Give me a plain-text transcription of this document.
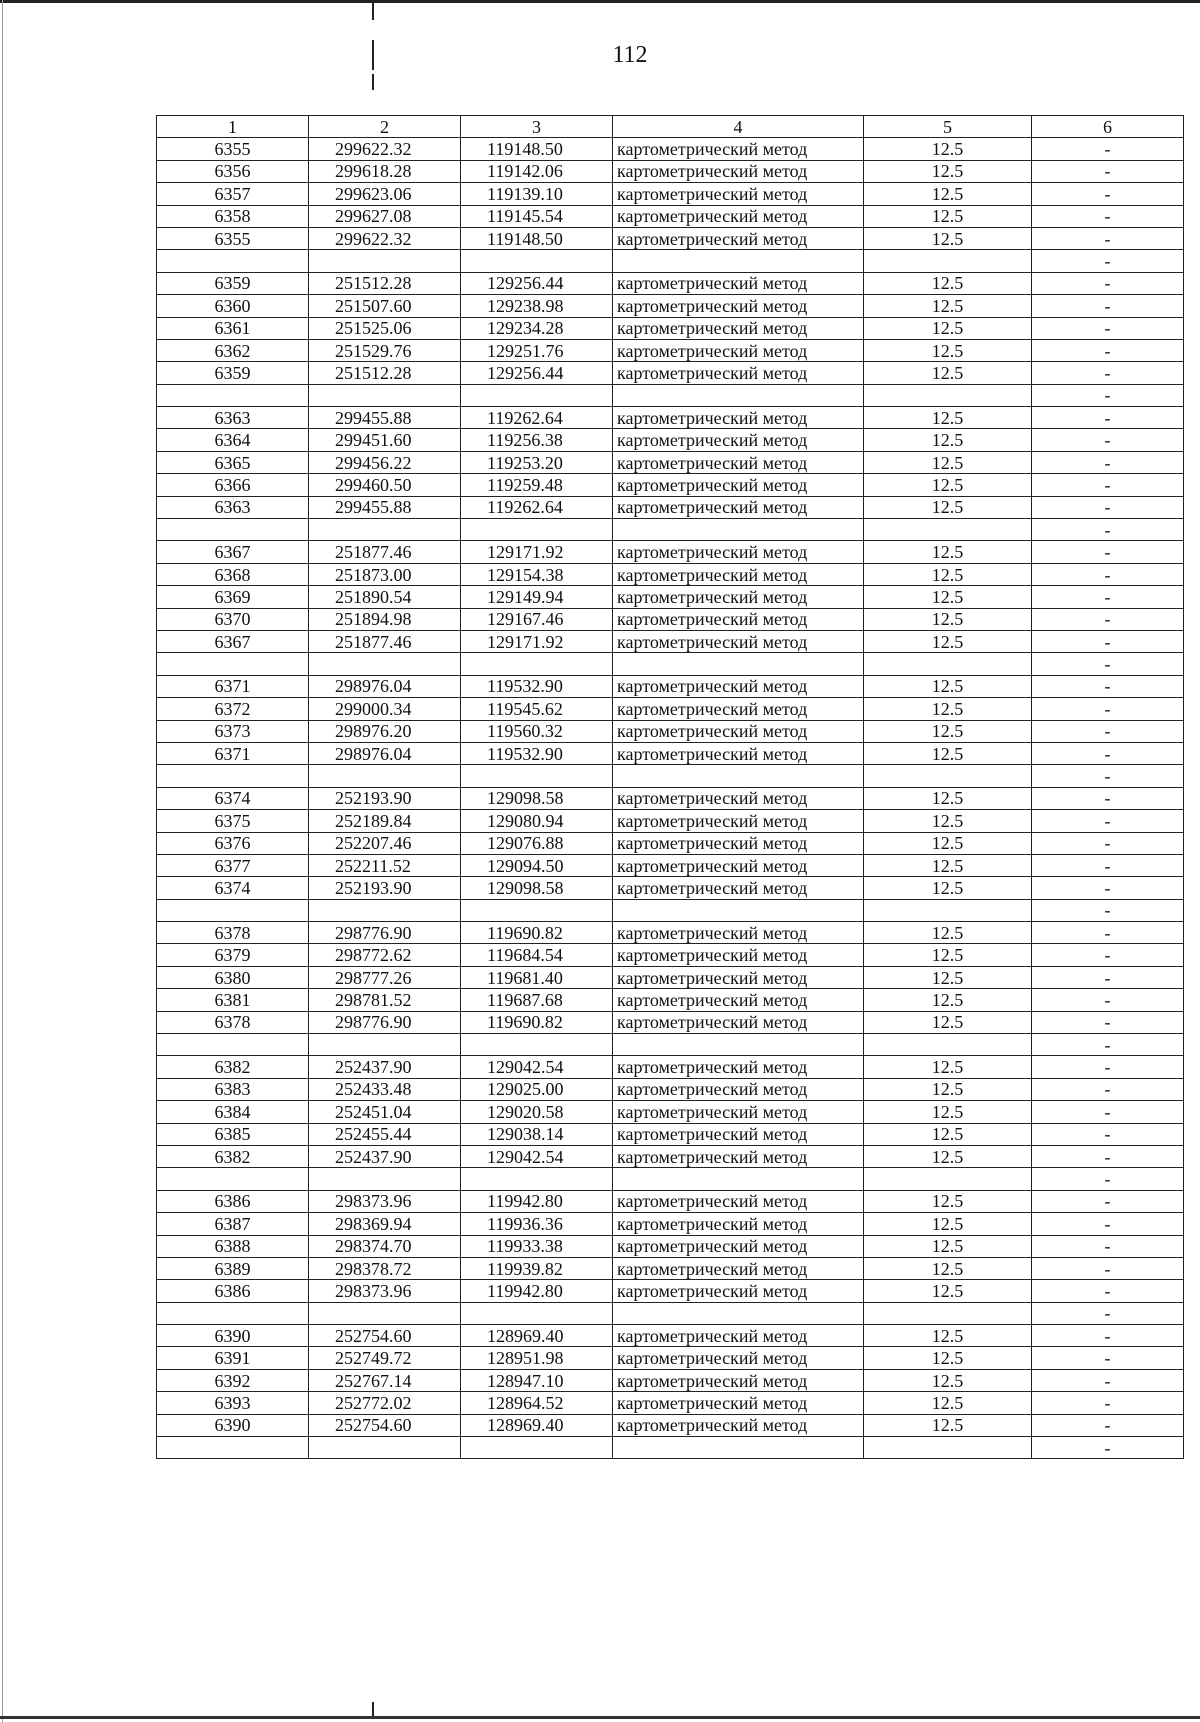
112
1	2	3	4	5	6
6355	299622.32	119148.50	картометрический метод	12.5	-
6356	299618.28	119142.06	картометрический метод	12.5	-
6357	299623.06	119139.10	картометрический метод	12.5	-
6358	299627.08	119145.54	картометрический метод	12.5	-
6355	299622.32	119148.50	картометрический метод	12.5	-
					-
6359	251512.28	129256.44	картометрический метод	12.5	-
6360	251507.60	129238.98	картометрический метод	12.5	-
6361	251525.06	129234.28	картометрический метод	12.5	-
6362	251529.76	129251.76	картометрический метод	12.5	-
6359	251512.28	129256.44	картометрический метод	12.5	-
					-
6363	299455.88	119262.64	картометрический метод	12.5	-
6364	299451.60	119256.38	картометрический метод	12.5	-
6365	299456.22	119253.20	картометрический метод	12.5	-
6366	299460.50	119259.48	картометрический метод	12.5	-
6363	299455.88	119262.64	картометрический метод	12.5	-
					-
6367	251877.46	129171.92	картометрический метод	12.5	-
6368	251873.00	129154.38	картометрический метод	12.5	-
6369	251890.54	129149.94	картометрический метод	12.5	-
6370	251894.98	129167.46	картометрический метод	12.5	-
6367	251877.46	129171.92	картометрический метод	12.5	-
					-
6371	298976.04	119532.90	картометрический метод	12.5	-
6372	299000.34	119545.62	картометрический метод	12.5	-
6373	298976.20	119560.32	картометрический метод	12.5	-
6371	298976.04	119532.90	картометрический метод	12.5	-
					-
6374	252193.90	129098.58	картометрический метод	12.5	-
6375	252189.84	129080.94	картометрический метод	12.5	-
6376	252207.46	129076.88	картометрический метод	12.5	-
6377	252211.52	129094.50	картометрический метод	12.5	-
6374	252193.90	129098.58	картометрический метод	12.5	-
					-
6378	298776.90	119690.82	картометрический метод	12.5	-
6379	298772.62	119684.54	картометрический метод	12.5	-
6380	298777.26	119681.40	картометрический метод	12.5	-
6381	298781.52	119687.68	картометрический метод	12.5	-
6378	298776.90	119690.82	картометрический метод	12.5	-
					-
6382	252437.90	129042.54	картометрический метод	12.5	-
6383	252433.48	129025.00	картометрический метод	12.5	-
6384	252451.04	129020.58	картометрический метод	12.5	-
6385	252455.44	129038.14	картометрический метод	12.5	-
6382	252437.90	129042.54	картометрический метод	12.5	-
					-
6386	298373.96	119942.80	картометрический метод	12.5	-
6387	298369.94	119936.36	картометрический метод	12.5	-
6388	298374.70	119933.38	картометрический метод	12.5	-
6389	298378.72	119939.82	картометрический метод	12.5	-
6386	298373.96	119942.80	картометрический метод	12.5	-
					-
6390	252754.60	128969.40	картометрический метод	12.5	-
6391	252749.72	128951.98	картометрический метод	12.5	-
6392	252767.14	128947.10	картометрический метод	12.5	-
6393	252772.02	128964.52	картометрический метод	12.5	-
6390	252754.60	128969.40	картометрический метод	12.5	-
					-
